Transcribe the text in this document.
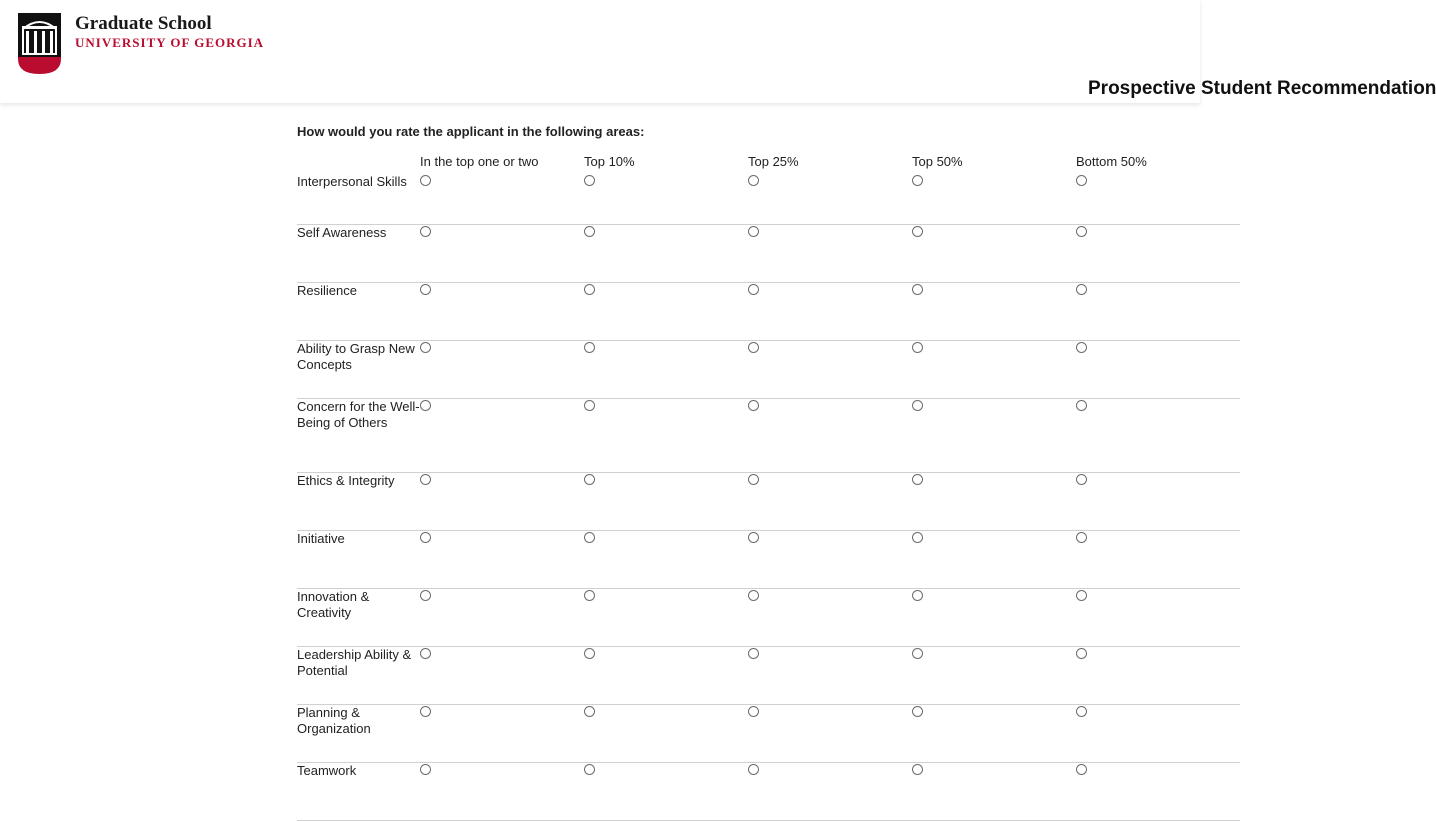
Graduate School
UNIVERSITY OF GEORGIA
Prospective Student Recommendation
How would you rate the applicant in the following areas:
	In the top one or two	Top 10%	Top 25%	Top 50%	Bottom 50%
Interpersonal Skills					
Self Awareness					
Resilience					
Ability to Grasp New Concepts					
Concern for the Well-Being of Others					
Ethics & Integrity					
Initiative					
Innovation & Creativity					
Leadership Ability & Potential					
Planning & Organization					
Teamwork					
